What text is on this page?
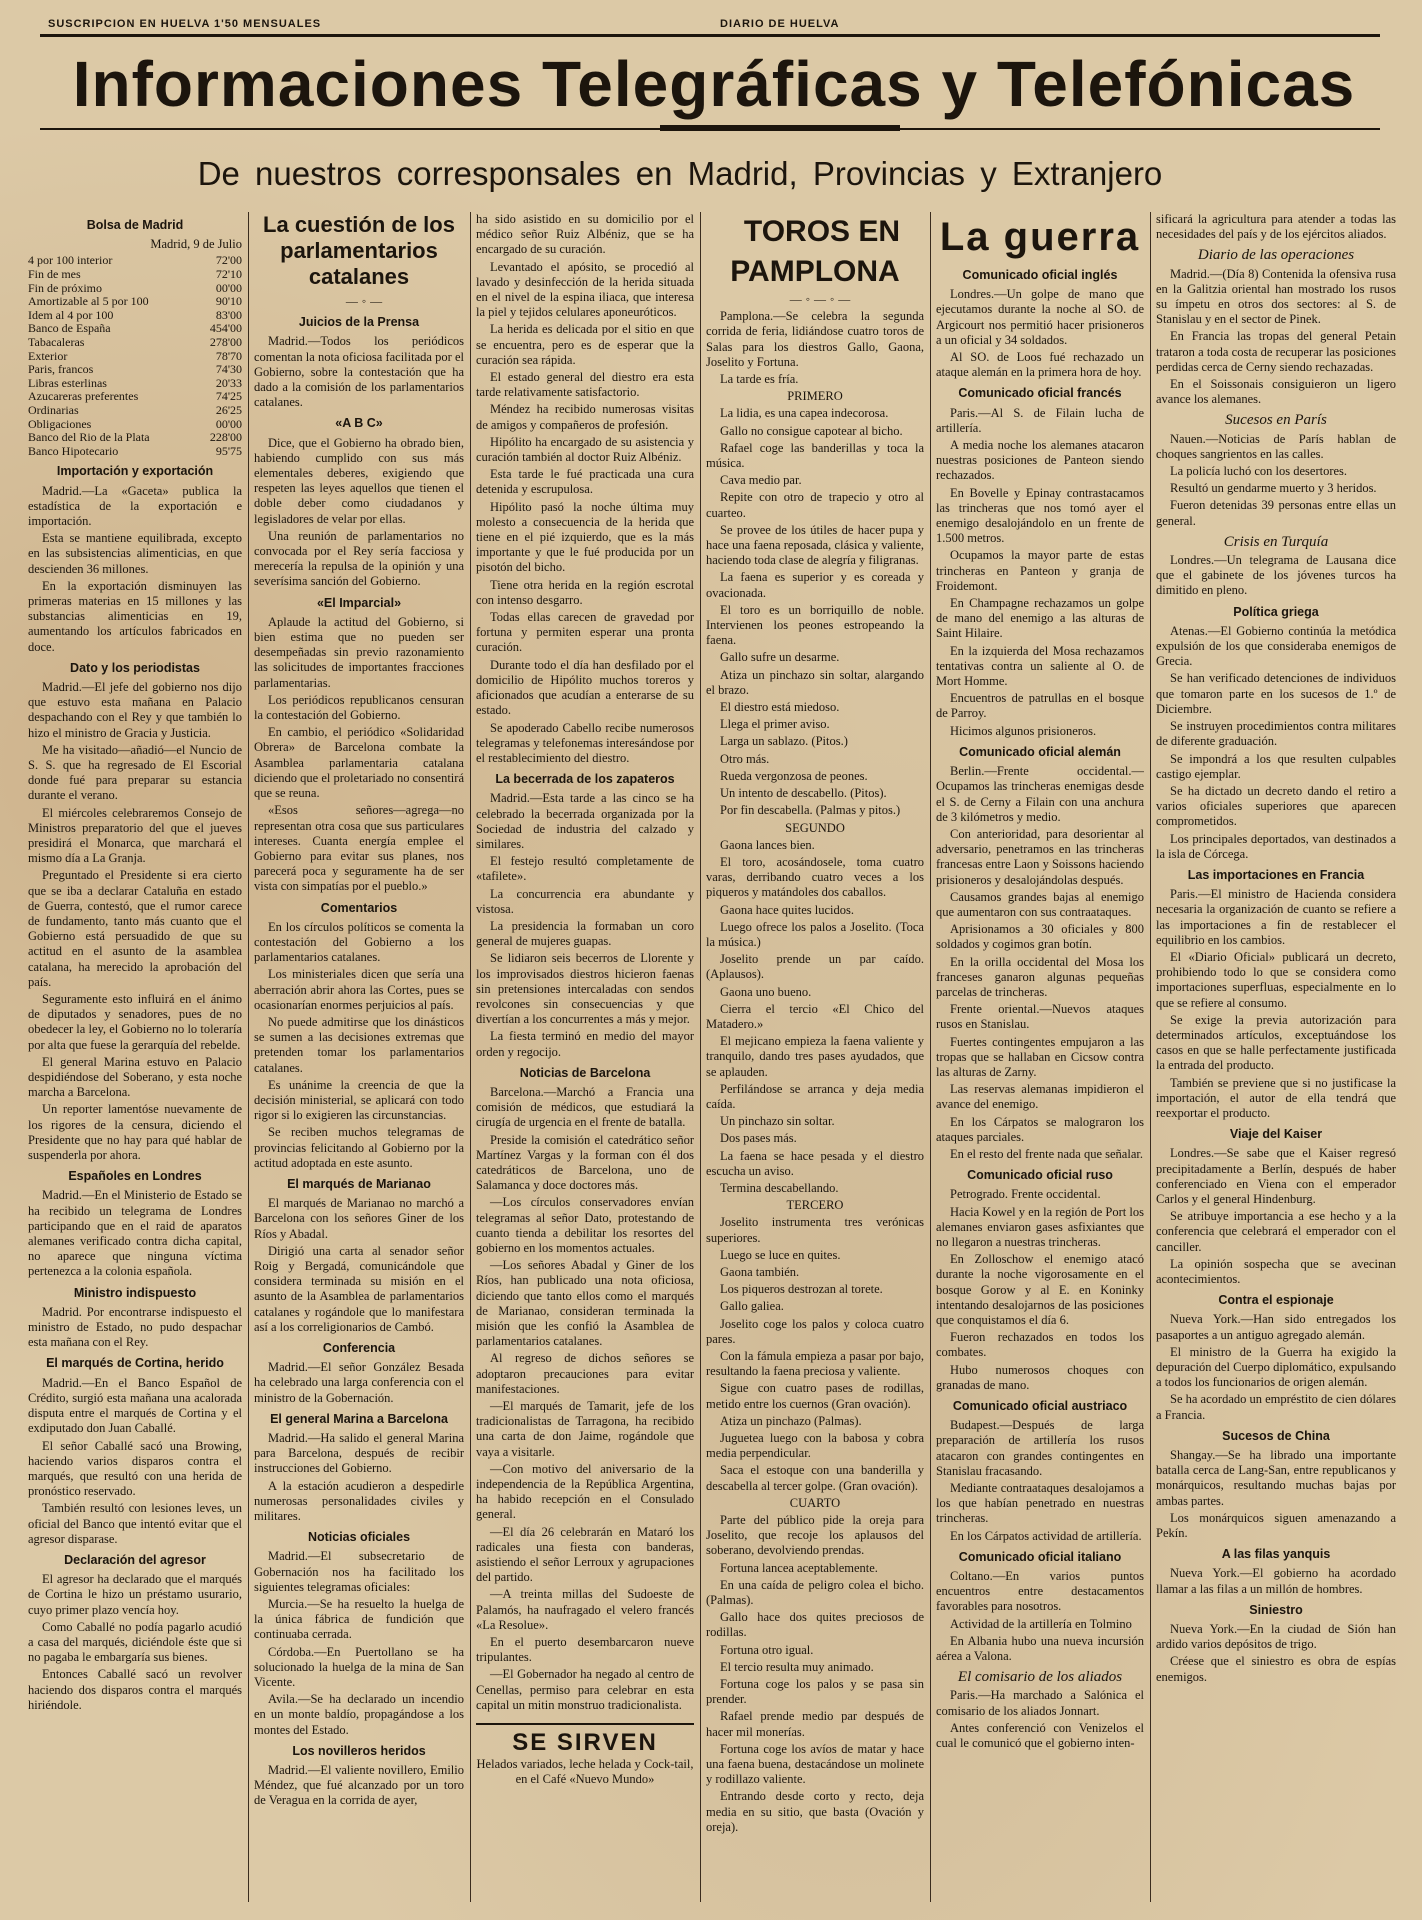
SUSCRIPCION EN HUELVA 1'50 MENSUALES	DIARIO DE HUELVA
Informaciones Telegráficas y Telefónicas
De nuestros corresponsales en Madrid, Provincias y Extranjero
Bolsa de Madrid

Madrid, 9 de Julio

4 por 100 interior	72'00
Fin de mes	72'10
Fin de próximo	00'00
Amortizable al 5 por 100	90'10
Idem al 4 por 100	83'00
Banco de España	454'00
Tabacaleras	278'00
Exterior	78'70
Paris, francos	74'30
Libras esterlinas	20'33
Azucareras preferentes	74'25
Ordinarias	26'25
Obligaciones	00'00
Banco del Rio de la Plata	228'00
Banco Hipotecario	95'75
Importación y exportación

Madrid.—La «Gaceta» publica la estadística de la exportación e importación.

Esta se mantiene equilibrada, excepto en las subsistencias alimenticias, en que descienden 36 millones.

En la exportación disminuyen las primeras materias en 15 millones y las substancias alimenticias en 19, aumentando los artículos fabricados en doce.

Dato y los periodistas

Madrid.—El jefe del gobierno nos dijo que estuvo esta mañana en Palacio despachando con el Rey y que también lo hizo el ministro de Gracia y Justicia.

Me ha visitado—añadió—el Nuncio de S. S. que ha regresado de El Escorial donde fué para preparar su estancia durante el verano.

El miércoles celebraremos Consejo de Ministros preparatorio del que el jueves presidirá el Monarca, que marchará el mismo día a La Granja.

Preguntado el Presidente si era cierto que se iba a declarar Cataluña en estado de Guerra, contestó, que el rumor carece de fundamento, tanto más cuanto que el Gobierno está persuadido de que su actitud en el asunto de la asamblea catalana, ha merecido la aprobación del país.

Seguramente esto influirá en el ánimo de diputados y senadores, pues de no obedecer la ley, el Gobierno no lo toleraría por alta que fuese la gerarquía del rebelde.

El general Marina estuvo en Palacio despidiéndose del Soberano, y esta noche marcha a Barcelona.

Un reporter lamentóse nuevamente de los rigores de la censura, diciendo el Presidente que no hay para qué hablar de suspenderla por ahora.

Españoles en Londres

Madrid.—En el Ministerio de Estado se ha recibido un telegrama de Londres participando que en el raid de aparatos alemanes verificado contra dicha capital, no aparece que ninguna víctima pertenezca a la colonia española.

Ministro indispuesto

Madrid. Por encontrarse indispuesto el ministro de Estado, no pudo despachar esta mañana con el Rey.

El marqués de Cortina, herido

Madrid.—En el Banco Español de Crédito, surgió esta mañana una acalorada disputa entre el marqués de Cortina y el exdiputado don Juan Caballé.

El señor Caballé sacó una Browing, haciendo varios disparos contra el marqués, que resultó con una herida de pronóstico reservado.

También resultó con lesiones leves, un oficial del Banco que intentó evitar que el agresor disparase.

Declaración del agresor

El agresor ha declarado que el marqués de Cortina le hizo un préstamo usurario, cuyo primer plazo vencía hoy.

Como Caballé no podía pagarlo acudió a casa del marqués, diciéndole éste que si no pagaba le embargaría sus bienes.

Entonces Caballé sacó un revolver haciendo dos disparos contra el marqués hiriéndole.

La cuestión de los parlamentarios catalanes

—◦—

Juicios de la Prensa

Madrid.—Todos los periódicos comentan la nota oficiosa facilitada por el Gobierno, sobre la contestación que ha dado a la comisión de los parlamentarios catalanes.

«A B C»

Dice, que el Gobierno ha obrado bien, habiendo cumplido con sus más elementales deberes, exigiendo que respeten las leyes aquellos que tienen el doble deber como ciudadanos y legisladores de velar por ellas.

Una reunión de parlamentarios no convocada por el Rey sería facciosa y merecería la repulsa de la opinión y una severísima sanción del Gobierno.

«El Imparcial»

Aplaude la actitud del Gobierno, si bien estima que no pueden ser desempeñadas sin previo razonamiento las solicitudes de importantes fracciones parlamentarias.

Los periódicos republicanos censuran la contestación del Gobierno.

En cambio, el periódico «Solidaridad Obrera» de Barcelona combate la Asamblea parlamentaria catalana diciendo que el proletariado no consentirá que se reuna.

«Esos señores—agrega—no representan otra cosa que sus particulares intereses. Cuanta energía emplee el Gobierno para evitar sus planes, nos parecerá poca y seguramente ha de ser vista con simpatías por el pueblo.»

Comentarios

En los círculos políticos se comenta la contestación del Gobierno a los parlamentarios catalanes.

Los ministeriales dicen que sería una aberración abrir ahora las Cortes, pues se ocasionarían enormes perjuicios al país.

No puede admitirse que los dinásticos se sumen a las decisiones extremas que pretenden tomar los parlamentarios catalanes.

Es unánime la creencia de que la decisión ministerial, se aplicará con todo rigor si lo exigieren las circunstancias.

Se reciben muchos telegramas de provincias felicitando al Gobierno por la actitud adoptada en este asunto.

El marqués de Marianao

El marqués de Marianao no marchó a Barcelona con los señores Giner de los Ríos y Abadal.

Dirigió una carta al senador señor Roig y Bergadá, comunicándole que considera terminada su misión en el asunto de la Asamblea de parlamentarios catalanes y rogándole que lo manifestara así a los correligionarios de Cambó.

Conferencia

Madrid.—El señor González Besada ha celebrado una larga conferencia con el ministro de la Gobernación.

El general Marina a Barcelona

Madrid.—Ha salido el general Marina para Barcelona, después de recibir instrucciones del Gobierno.

A la estación acudieron a despedirle numerosas personalidades civiles y militares.

Noticias oficiales

Madrid.—El subsecretario de Gobernación nos ha facilitado los siguientes telegramas oficiales:

Murcia.—Se ha resuelto la huelga de la única fábrica de fundición que continuaba cerrada.

Córdoba.—En Puertollano se ha solucionado la huelga de la mina de San Vicente.

Avila.—Se ha declarado un incendio en un monte baldío, propagándose a los montes del Estado.

Los novilleros heridos

Madrid.—El valiente novillero, Emilio Méndez, que fué alcanzado por un toro de Veragua en la corrida de ayer,

ha sido asistido en su domicilio por el médico señor Ruiz Albéniz, que se ha encargado de su curación.

Levantado el apósito, se procedió al lavado y desinfección de la herida situada en el nivel de la espina iliaca, que interesa la piel y tejidos celulares aponeuróticos.

La herida es delicada por el sitio en que se encuentra, pero es de esperar que la curación sea rápida.

El estado general del diestro era esta tarde relativamente satisfactorio.

Méndez ha recibido numerosas visitas de amigos y compañeros de profesión.

Hipólito ha encargado de su asistencia y curación también al doctor Ruiz Albéniz.

Esta tarde le fué practicada una cura detenida y escrupulosa.

Hipólito pasó la noche última muy molesto a consecuencia de la herida que tiene en el pié izquierdo, que es la más importante y que le fué producida por un pisotón del bicho.

Tiene otra herida en la región escrotal con intenso desgarro.

Todas ellas carecen de gravedad por fortuna y permiten esperar una pronta curación.

Durante todo el día han desfilado por el domicilio de Hipólito muchos toreros y aficionados que acudían a enterarse de su estado.

Se apoderado Cabello recibe numerosos telegramas y telefonemas interesándose por el restablecimiento del diestro.

La becerrada de los zapateros

Madrid.—Esta tarde a las cinco se ha celebrado la becerrada organizada por la Sociedad de industria del calzado y similares.

El festejo resultó completamente de «tafilete».

La concurrencia era abundante y vistosa.

La presidencia la formaban un coro general de mujeres guapas.

Se lidiaron seis becerros de Llorente y los improvisados diestros hicieron faenas sin pretensiones intercaladas con sendos revolcones sin consecuencias y que divertían a los concurrentes a más y mejor.

La fiesta terminó en medio del mayor orden y regocijo.

Noticias de Barcelona

Barcelona.—Marchó a Francia una comisión de médicos, que estudiará la cirugía de urgencia en el frente de batalla.

Preside la comisión el catedrático señor Martínez Vargas y la forman con él dos catedráticos de Barcelona, uno de Salamanca y doce doctores más.

—Los círculos conservadores envían telegramas al señor Dato, protestando de cuanto tienda a debilitar los resortes del gobierno en los momentos actuales.

—Los señores Abadal y Giner de los Ríos, han publicado una nota oficiosa, diciendo que tanto ellos como el marqués de Marianao, consideran terminada la misión que les confió la Asamblea de parlamentarios catalanes.

Al regreso de dichos señores se adoptaron precauciones para evitar manifestaciones.

—El marqués de Tamarit, jefe de los tradicionalistas de Tarragona, ha recibido una carta de don Jaime, rogándole que vaya a visitarle.

—Con motivo del aniversario de la independencia de la República Argentina, ha habido recepción en el Consulado general.

—El día 26 celebrarán en Mataró los radicales una fiesta con banderas, asistiendo el señor Lerroux y agrupaciones del partido.

—A treinta millas del Sudoeste de Palamós, ha naufragado el velero francés «La Resolue».

En el puerto desembarcaron nueve tripulantes.

—El Gobernador ha negado al centro de Cenellas, permiso para celebrar en esta capital un mitin monstruo tradicionalista.

SE SIRVEN

Helados variados, leche helada y Cock-tail, en el Café «Nuevo Mundo»

TOROS EN PAMPLONA

—◦—◦—

Pamplona.—Se celebra la segunda corrida de feria, lidiándose cuatro toros de Salas para los diestros Gallo, Gaona, Joselito y Fortuna.

La tarde es fría.

PRIMERO

La lidia, es una capea indecorosa.

Gallo no consigue capotear al bicho.

Rafael coge las banderillas y toca la música.

Cava medio par.

Repite con otro de trapecio y otro al cuarteo.

Se provee de los útiles de hacer pupa y hace una faena reposada, clásica y valiente, haciendo toda clase de alegría y filigranas.

La faena es superior y es coreada y ovacionada.

El toro es un borriquillo de noble. Intervienen los peones estropeando la faena.

Gallo sufre un desarme.

Atiza un pinchazo sin soltar, alargando el brazo.

El diestro está miedoso.

Llega el primer aviso.

Larga un sablazo. (Pitos.)

Otro más.

Rueda vergonzosa de peones.

Un intento de descabello. (Pitos).

Por fin descabella. (Palmas y pitos.)

SEGUNDO

Gaona lances bien.

El toro, acosándosele, toma cuatro varas, derribando cuatro veces a los piqueros y matándoles dos caballos.

Gaona hace quites lucidos.

Luego ofrece los palos a Joselito. (Toca la música.)

Joselito prende un par caído. (Aplausos).

Gaona uno bueno.

Cierra el tercio «El Chico del Matadero.»

El mejicano empieza la faena valiente y tranquilo, dando tres pases ayudados, que se aplauden.

Perfilándose se arranca y deja media caída.

Un pinchazo sin soltar.

Dos pases más.

La faena se hace pesada y el diestro escucha un aviso.

Termina descabellando.

TERCERO

Joselito instrumenta tres verónicas superiores.

Luego se luce en quites.

Gaona también.

Los piqueros destrozan al torete.

Gallo galiea.

Joselito coge los palos y coloca cuatro pares.

Con la fámula empieza a pasar por bajo, resultando la faena preciosa y valiente.

Sigue con cuatro pases de rodillas, metido entre los cuernos (Gran ovación).

Atiza un pinchazo (Palmas).

Juguetea luego con la babosa y cobra media perpendicular.

Saca el estoque con una banderilla y descabella al tercer golpe. (Gran ovación).

CUARTO

Parte del público pide la oreja para Joselito, que recoje los aplausos del soberano, devolviendo prendas.

Fortuna lancea aceptablemente.

En una caída de peligro colea el bicho. (Palmas).

Gallo hace dos quites preciosos de rodillas.

Fortuna otro igual.

El tercio resulta muy animado.

Fortuna coge los palos y se pasa sin prender.

Rafael prende medio par después de hacer mil monerías.

Fortuna coge los avíos de matar y hace una faena buena, destacándose un molinete y rodillazo valiente.

Entrando desde corto y recto, deja media en su sitio, que basta (Ovación y oreja).

La guerra
Comunicado oficial inglés

Londres.—Un golpe de mano que ejecutamos durante la noche al SO. de Argicourt nos permitió hacer prisioneros a un oficial y 34 soldados.

Al SO. de Loos fué rechazado un ataque alemán en la primera hora de hoy.

Comunicado oficial francés

Paris.—Al S. de Filain lucha de artillería.

A media noche los alemanes atacaron nuestras posiciones de Panteon siendo rechazados.

En Bovelle y Epinay contrastacamos las trincheras que nos tomó ayer el enemigo desalojándolo en un frente de 1.500 metros.

Ocupamos la mayor parte de estas trincheras en Panteon y granja de Froidemont.

En Champagne rechazamos un golpe de mano del enemigo a las alturas de Saint Hilaire.

En la izquierda del Mosa rechazamos tentativas contra un saliente al O. de Mort Homme.

Encuentros de patrullas en el bosque de Parroy.

Hicimos algunos prisioneros.

Comunicado oficial alemán

Berlin.—Frente occidental.—Ocupamos las trincheras enemigas desde el S. de Cerny a Filain con una anchura de 3 kilómetros y medio.

Con anterioridad, para desorientar al adversario, penetramos en las trincheras francesas entre Laon y Soissons haciendo prisioneros y desalojándolas después.

Causamos grandes bajas al enemigo que aumentaron con sus contraataques.

Aprisionamos a 30 oficiales y 800 soldados y cogimos gran botín.

En la orilla occidental del Mosa los franceses ganaron algunas pequeñas parcelas de trincheras.

Frente oriental.—Nuevos ataques rusos en Stanislau.

Fuertes contingentes empujaron a las tropas que se hallaban en Cicsow contra las alturas de Zarny.

Las reservas alemanas impidieron el avance del enemigo.

En los Cárpatos se malograron los ataques parciales.

En el resto del frente nada que señalar.

Comunicado oficial ruso

Petrogrado. Frente occidental.

Hacia Kowel y en la región de Port los alemanes enviaron gases asfixiantes que no llegaron a nuestras trincheras.

En Zolloschow el enemigo atacó durante la noche vigorosamente en el bosque Gorow y al E. en Koninky intentando desalojarnos de las posiciones que conquistamos el día 6.

Fueron rechazados en todos los combates.

Hubo numerosos choques con granadas de mano.

Comunicado oficial austriaco

Budapest.—Después de larga preparación de artillería los rusos atacaron con grandes contingentes en Stanislau fracasando.

Mediante contraataques desalojamos a los que habían penetrado en nuestras trincheras.

En los Cárpatos actividad de artillería.

Comunicado oficial italiano

Coltano.—En varios puntos encuentros entre destacamentos favorables para nosotros.

Actividad de la artillería en Tolmino

En Albania hubo una nueva incursión aérea a Valona.

El comisario de los aliados

Paris.—Ha marchado a Salónica el comisario de los aliados Jonnart.

Antes conferenció con Venizelos el cual le comunicó que el gobierno inten-

sificará la agricultura para atender a todas las necesidades del país y de los ejércitos aliados.

Diario de las operaciones

Madrid.—(Día 8) Contenida la ofensiva rusa en la Galitzia oriental han mostrado los rusos su ímpetu en otros dos sectores: al S. de Stanislau y en el sector de Pinek.

En Francia las tropas del general Petain trataron a toda costa de recuperar las posiciones perdidas cerca de Cerny siendo rechazadas.

En el Soissonais consiguieron un ligero avance los alemanes.

Sucesos en París

Nauen.—Noticias de París hablan de choques sangrientos en las calles.

La policía luchó con los desertores.

Resultó un gendarme muerto y 3 heridos.

Fueron detenidas 39 personas entre ellas un general.

Crisis en Turquía

Londres.—Un telegrama de Lausana dice que el gabinete de los jóvenes turcos ha dimitido en pleno.

Política griega

Atenas.—El Gobierno continúa la metódica expulsión de los que consideraba enemigos de Grecia.

Se han verificado detenciones de individuos que tomaron parte en los sucesos de 1.º de Diciembre.

Se instruyen procedimientos contra militares de diferente graduación.

Se impondrá a los que resulten culpables castigo ejemplar.

Se ha dictado un decreto dando el retiro a varios oficiales superiores que aparecen comprometidos.

Los principales deportados, van destinados a la isla de Córcega.

Las importaciones en Francia

Paris.—El ministro de Hacienda considera necesaria la organización de cuanto se refiere a las importaciones a fin de restablecer el equilibrio en los cambios.

El «Diario Oficial» publicará un decreto, prohibiendo todo lo que se considera como importaciones superfluas, especialmente en lo que se refiere al consumo.

Se exige la previa autorización para determinados artículos, exceptuándose los casos en que se halle perfectamente justificada la entrada del producto.

También se previene que si no justificase la importación, el autor de ella tendrá que reexportar el producto.

Viaje del Kaiser

Londres.—Se sabe que el Kaiser regresó precipitadamente a Berlín, después de haber conferenciado en Viena con el emperador Carlos y el general Hindenburg.

Se atribuye importancia a ese hecho y a la conferencia que celebrará el emperador con el canciller.

La opinión sospecha que se avecinan acontecimientos.

Contra el espionaje

Nueva York.—Han sido entregados los pasaportes a un antiguo agregado alemán.

El ministro de la Guerra ha exigido la depuración del Cuerpo diplomático, expulsando a todos los funcionarios de origen alemán.

Se ha acordado un empréstito de cien dólares a Francia.

Sucesos de China

Shangay.—Se ha librado una importante batalla cerca de Lang-San, entre republicanos y monárquicos, resultando muchas bajas por ambas partes.

Los monárquicos siguen amenazando a Pekín.

A las filas yanquis

Nueva York.—El gobierno ha acordado llamar a las filas a un millón de hombres.

Siniestro

Nueva York.—En la ciudad de Sión han ardido varios depósitos de trigo.

Créese que el siniestro es obra de espías enemigos.
